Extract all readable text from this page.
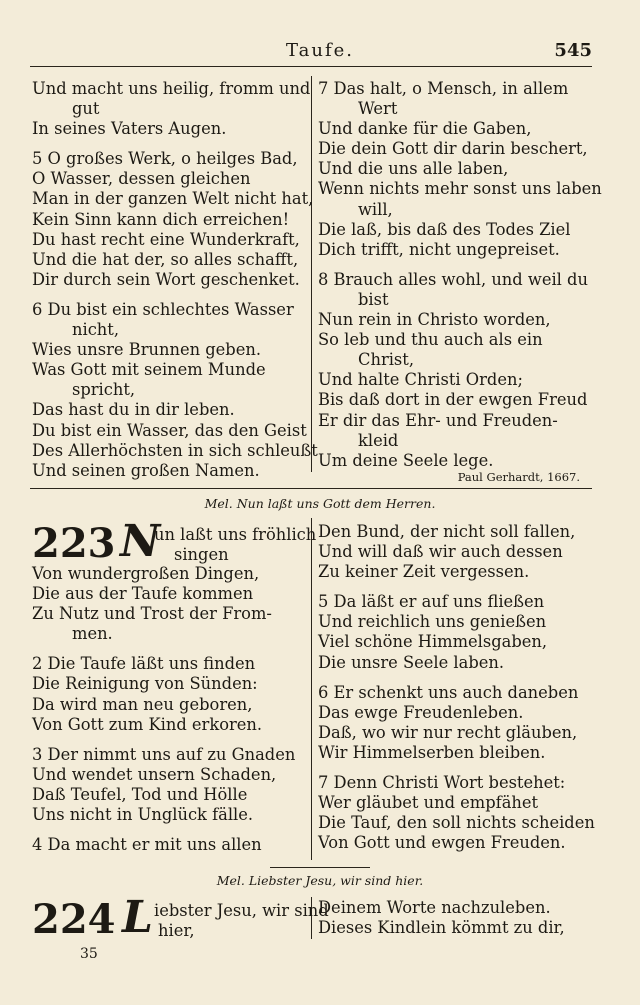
Taufe.	545
Und macht uns heilig, fromm und
gut
In seines Vaters Augen.
5 O großes Werk, o heilges Bad,
O Wasser, dessen gleichen
Man in der ganzen Welt nicht hat,
Kein Sinn kann dich erreichen!
Du hast recht eine Wunderkraft,
Und die hat der, so alles schafft,
Dir durch sein Wort geschenket.
6 Du bist ein schlechtes Wasser
nicht,
Wies unsre Brunnen geben.
Was Gott mit seinem Munde
spricht,
Das hast du in dir leben.
Du bist ein Wasser, das den Geist
Des Allerhöchsten in sich schleußt
Und seinen großen Namen.
7 Das halt, o Mensch, in allem
Wert
Und danke für die Gaben,
Die dein Gott dir darin beschert,
Und die uns alle laben,
Wenn nichts mehr sonst uns laben
will,
Die laß, bis daß des Todes Ziel
Dich trifft, nicht ungepreiset.
8 Brauch alles wohl, und weil du
bist
Nun rein in Christo worden,
So leb und thu auch als ein
Christ,
Und halte Christi Orden;
Bis daß dort in der ewgen Freud
Er dir das Ehr- und Freuden-
kleid
Um deine Seele lege.
Paul Gerhardt, 1667.
Mel. Nun laßt uns Gott dem Herren.
223 N
un laßt uns fröhlich
singen
Von wundergroßen Dingen,
Die aus der Taufe kommen
Zu Nutz und Trost der From-
men.
2 Die Taufe läßt uns finden
Die Reinigung von Sünden:
Da wird man neu geboren,
Von Gott zum Kind erkoren.
3 Der nimmt uns auf zu Gnaden
Und wendet unsern Schaden,
Daß Teufel, Tod und Hölle
Uns nicht in Unglück fälle.
4 Da macht er mit uns allen
Den Bund, der nicht soll fallen,
Und will daß wir auch dessen
Zu keiner Zeit vergessen.
5 Da läßt er auf uns fließen
Und reichlich uns genießen
Viel schöne Himmelsgaben,
Die unsre Seele laben.
6 Er schenkt uns auch daneben
Das ewge Freudenleben.
Daß, wo wir nur recht gläuben,
Wir Himmelserben bleiben.
7 Denn Christi Wort bestehet:
Wer gläubet und empfähet
Die Tauf, den soll nichts scheiden
Von Gott und ewgen Freuden.
Mel. Liebster Jesu, wir sind hier.
224 L iebster Jesu, wir sind
hier,
Deinem Worte nachzuleben.
Dieses Kindlein kömmt zu dir,
35
